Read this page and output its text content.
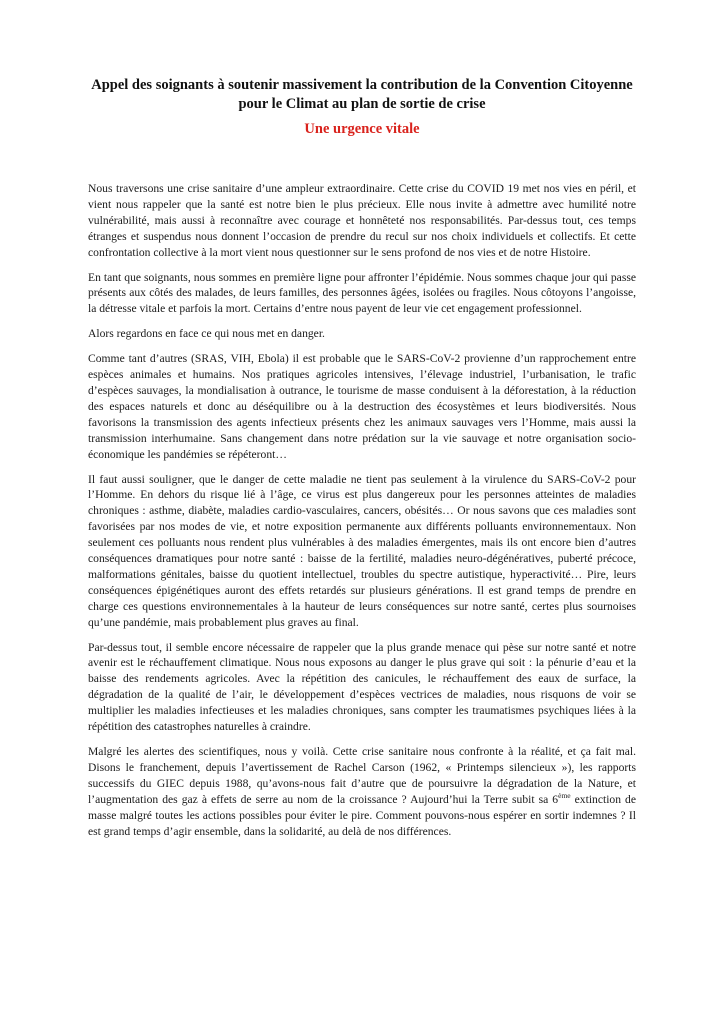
Appel des soignants à soutenir massivement la contribution de la Convention Citoyenne pour le Climat au plan de sortie de crise
Une urgence vitale

Nous traversons une crise sanitaire d’une ampleur extraordinaire. Cette crise du COVID 19 met nos vies en péril, et vient nous rappeler que la santé est notre bien le plus précieux. Elle nous invite à admettre avec humilité notre vulnérabilité, mais aussi à reconnaître avec courage et honnêteté nos responsabilités. Par-dessus tout, ces temps étranges et suspendus nous donnent l’occasion de prendre du recul sur nos choix individuels et collectifs. Et cette confrontation collective à la mort vient nous questionner sur le sens profond de nos vies et de notre Histoire.

En tant que soignants, nous sommes en première ligne pour affronter l’épidémie. Nous sommes chaque jour qui passe présents aux côtés des malades, de leurs familles, des personnes âgées, isolées ou fragiles. Nous côtoyons l’angoisse, la détresse vitale et parfois la mort. Certains d’entre nous payent de leur vie cet engagement professionnel.

Alors regardons en face ce qui nous met en danger.

Comme tant d’autres (SRAS, VIH, Ebola) il est probable que le SARS-CoV-2 provienne d’un rapprochement entre espèces animales et humains. Nos pratiques agricoles intensives, l’élevage industriel, l’urbanisation, le trafic d’espèces sauvages, la mondialisation à outrance, le tourisme de masse conduisent à la déforestation, à la réduction des espaces naturels et donc au déséquilibre ou à la destruction des écosystèmes et leurs biodiversités. Nous favorisons la transmission des agents infectieux présents chez les animaux sauvages vers l’Homme, mais aussi la transmission interhumaine. Sans changement dans notre prédation sur la vie sauvage et notre organisation socio-économique les pandémies se répéteront…

Il faut aussi souligner, que le danger de cette maladie ne tient pas seulement à la virulence du SARS-CoV-2 pour l’Homme. En dehors du risque lié à l’âge, ce virus est plus dangereux pour les personnes atteintes de maladies chroniques : asthme, diabète, maladies cardio-vasculaires, cancers, obésités… Or nous savons que ces maladies sont favorisées par nos modes de vie, et notre exposition permanente aux différents polluants environnementaux. Non seulement ces polluants nous rendent plus vulnérables à des maladies émergentes, mais ils ont encore bien d’autres conséquences dramatiques pour notre santé : baisse de la fertilité, maladies neuro-dégénératives, puberté précoce, malformations génitales, baisse du quotient intellectuel, troubles du spectre autistique, hyperactivité… Pire, leurs conséquences épigénétiques auront des effets retardés sur plusieurs générations. Il est grand temps de prendre en charge ces questions environnementales à la hauteur de leurs conséquences sur notre santé, certes plus sournoises qu’une pandémie, mais probablement plus graves au final.

Par-dessus tout, il semble encore nécessaire de rappeler que la plus grande menace qui pèse sur notre santé et notre avenir est le réchauffement climatique. Nous nous exposons au danger le plus grave qui soit : la pénurie d’eau et la baisse des rendements agricoles. Avec la répétition des canicules, le réchauffement des eaux de surface, la dégradation de la qualité de l’air, le développement d’espèces vectrices de maladies, nous risquons de voir se multiplier les maladies infectieuses et les maladies chroniques, sans compter les traumatismes psychiques liées à la répétition des catastrophes naturelles à craindre.

Malgré les alertes des scientifiques, nous y voilà. Cette crise sanitaire nous confronte à la réalité, et ça fait mal. Disons le franchement, depuis l’avertissement de Rachel Carson (1962, « Printemps silencieux »), les rapports successifs du GIEC depuis 1988, qu’avons-nous fait d’autre que de poursuivre la dégradation de la Nature, et l’augmentation des gaz à effets de serre au nom de la croissance ? Aujourd’hui la Terre subit sa 6ème extinction de masse malgré toutes les actions possibles pour éviter le pire. Comment pouvons-nous espérer en sortir indemnes ? Il est grand temps d’agir ensemble, dans la solidarité, au delà de nos différences.
